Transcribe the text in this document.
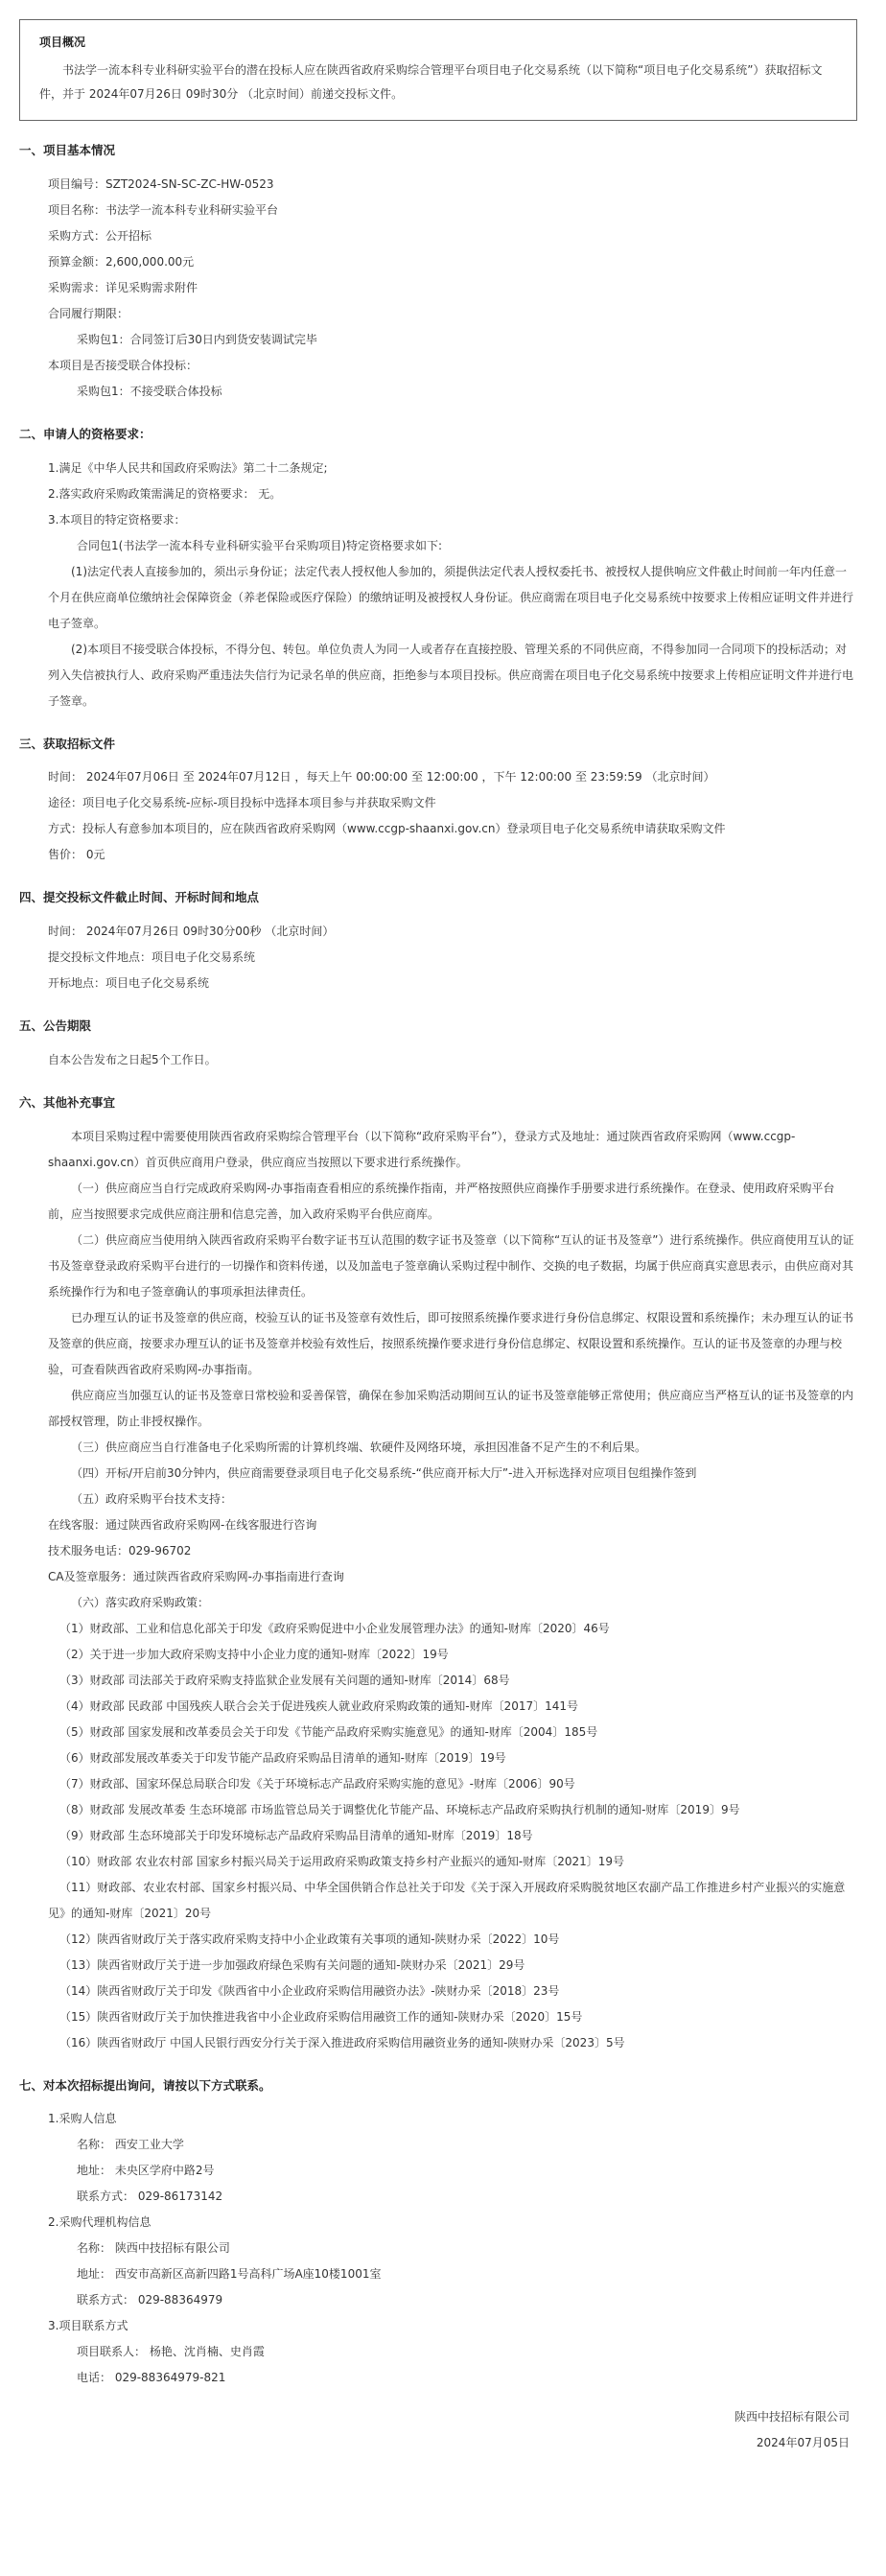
项目概况
书法学一流本科专业科研实验平台的潜在投标人应在陕西省政府采购综合管理平台项目电子化交易系统（以下简称“项目电子化交易系统”）获取招标文件，并于 2024年07月26日 09时30分 （北京时间）前递交投标文件。
一、项目基本情况
项目编号：SZT2024-SN-SC-ZC-HW-0523
项目名称：书法学一流本科专业科研实验平台
采购方式：公开招标
预算金额：2,600,000.00元
采购需求：详见采购需求附件
合同履行期限：
采购包1：合同签订后30日内到货安装调试完毕
本项目是否接受联合体投标：
采购包1：不接受联合体投标
二、申请人的资格要求：
1.满足《中华人民共和国政府采购法》第二十二条规定;
2.落实政府采购政策需满足的资格要求： 无。
3.本项目的特定资格要求：
合同包1(书法学一流本科专业科研实验平台采购项目)特定资格要求如下:
(1)法定代表人直接参加的，须出示身份证；法定代表人授权他人参加的，须提供法定代表人授权委托书、被授权人提供响应文件截止时间前一年内任意一个月在供应商单位缴纳社会保障资金（养老保险或医疗保险）的缴纳证明及被授权人身份证。供应商需在项目电子化交易系统中按要求上传相应证明文件并进行电子签章。
(2)本项目不接受联合体投标，不得分包、转包。单位负责人为同一人或者存在直接控股、管理关系的不同供应商，不得参加同一合同项下的投标活动；对列入失信被执行人、政府采购严重违法失信行为记录名单的供应商，拒绝参与本项目投标。供应商需在项目电子化交易系统中按要求上传相应证明文件并进行电子签章。
三、获取招标文件
时间： 2024年07月06日 至 2024年07月12日 ，每天上午 00:00:00 至 12:00:00 ，下午 12:00:00 至 23:59:59 （北京时间）
途径：项目电子化交易系统-应标-项目投标中选择本项目参与并获取采购文件
方式：投标人有意参加本项目的，应在陕西省政府采购网（www.ccgp-shaanxi.gov.cn）登录项目电子化交易系统申请获取采购文件
售价： 0元
四、提交投标文件截止时间、开标时间和地点
时间： 2024年07月26日 09时30分00秒 （北京时间）
提交投标文件地点：项目电子化交易系统
开标地点：项目电子化交易系统
五、公告期限
自本公告发布之日起5个工作日。
六、其他补充事宜
本项目采购过程中需要使用陕西省政府采购综合管理平台（以下简称“政府采购平台”），登录方式及地址：通过陕西省政府采购网（www.ccgp-shaanxi.gov.cn）首页供应商用户登录，供应商应当按照以下要求进行系统操作。
（一）供应商应当自行完成政府采购网-办事指南查看相应的系统操作指南，并严格按照供应商操作手册要求进行系统操作。在登录、使用政府采购平台前，应当按照要求完成供应商注册和信息完善，加入政府采购平台供应商库。
（二）供应商应当使用纳入陕西省政府采购平台数字证书互认范围的数字证书及签章（以下简称“互认的证书及签章”）进行系统操作。供应商使用互认的证书及签章登录政府采购平台进行的一切操作和资料传递，以及加盖电子签章确认采购过程中制作、交换的电子数据，均属于供应商真实意思表示，由供应商对其系统操作行为和电子签章确认的事项承担法律责任。
已办理互认的证书及签章的供应商，校验互认的证书及签章有效性后，即可按照系统操作要求进行身份信息绑定、权限设置和系统操作；未办理互认的证书及签章的供应商，按要求办理互认的证书及签章并校验有效性后，按照系统操作要求进行身份信息绑定、权限设置和系统操作。互认的证书及签章的办理与校验，可查看陕西省政府采购网-办事指南。
供应商应当加强互认的证书及签章日常校验和妥善保管，确保在参加采购活动期间互认的证书及签章能够正常使用；供应商应当严格互认的证书及签章的内部授权管理，防止非授权操作。
（三）供应商应当自行准备电子化采购所需的计算机终端、软硬件及网络环境，承担因准备不足产生的不利后果。
（四）开标/开启前30分钟内，供应商需要登录项目电子化交易系统-“供应商开标大厅”-进入开标选择对应项目包组操作签到
（五）政府采购平台技术支持：
在线客服：通过陕西省政府采购网-在线客服进行咨询
技术服务电话：029-96702
CA及签章服务：通过陕西省政府采购网-办事指南进行查询
（六）落实政府采购政策：
（1）财政部、工业和信息化部关于印发《政府采购促进中小企业发展管理办法》的通知-财库〔2020〕46号
（2）关于进一步加大政府采购支持中小企业力度的通知-财库〔2022〕19号
（3）财政部 司法部关于政府采购支持监狱企业发展有关问题的通知-财库〔2014〕68号
（4）财政部 民政部 中国残疾人联合会关于促进残疾人就业政府采购政策的通知-财库〔2017〕141号
（5）财政部 国家发展和改革委员会关于印发《节能产品政府采购实施意见》的通知-财库〔2004〕185号
（6）财政部发展改革委关于印发节能产品政府采购品目清单的通知-财库〔2019〕19号
（7）财政部、国家环保总局联合印发《关于环境标志产品政府采购实施的意见》-财库〔2006〕90号
（8）财政部 发展改革委 生态环境部 市场监管总局关于调整优化节能产品、环境标志产品政府采购执行机制的通知-财库〔2019〕9号
（9）财政部 生态环境部关于印发环境标志产品政府采购品目清单的通知-财库〔2019〕18号
（10）财政部 农业农村部 国家乡村振兴局关于运用政府采购政策支持乡村产业振兴的通知-财库〔2021〕19号
（11）财政部、农业农村部、国家乡村振兴局、中华全国供销合作总社关于印发《关于深入开展政府采购脱贫地区农副产品工作推进乡村产业振兴的实施意见》的通知-财库〔2021〕20号
（12）陕西省财政厅关于落实政府采购支持中小企业政策有关事项的通知-陕财办采〔2022〕10号
（13）陕西省财政厅关于进一步加强政府绿色采购有关问题的通知-陕财办采〔2021〕29号
（14）陕西省财政厅关于印发《陕西省中小企业政府采购信用融资办法》-陕财办采〔2018〕23号
（15）陕西省财政厅关于加快推进我省中小企业政府采购信用融资工作的通知-陕财办采〔2020〕15号
（16）陕西省财政厅 中国人民银行西安分行关于深入推进政府采购信用融资业务的通知-陕财办采〔2023〕5号
七、对本次招标提出询问，请按以下方式联系。
1.采购人信息
名称： 西安工业大学
地址： 未央区学府中路2号
联系方式： 029-86173142
2.采购代理机构信息
名称： 陕西中技招标有限公司
地址： 西安市高新区高新四路1号高科广场A座10楼1001室
联系方式： 029-88364979
3.项目联系方式
项目联系人： 杨艳、沈肖楠、史肖霞
电话： 029-88364979-821
陕西中技招标有限公司
2024年07月05日
